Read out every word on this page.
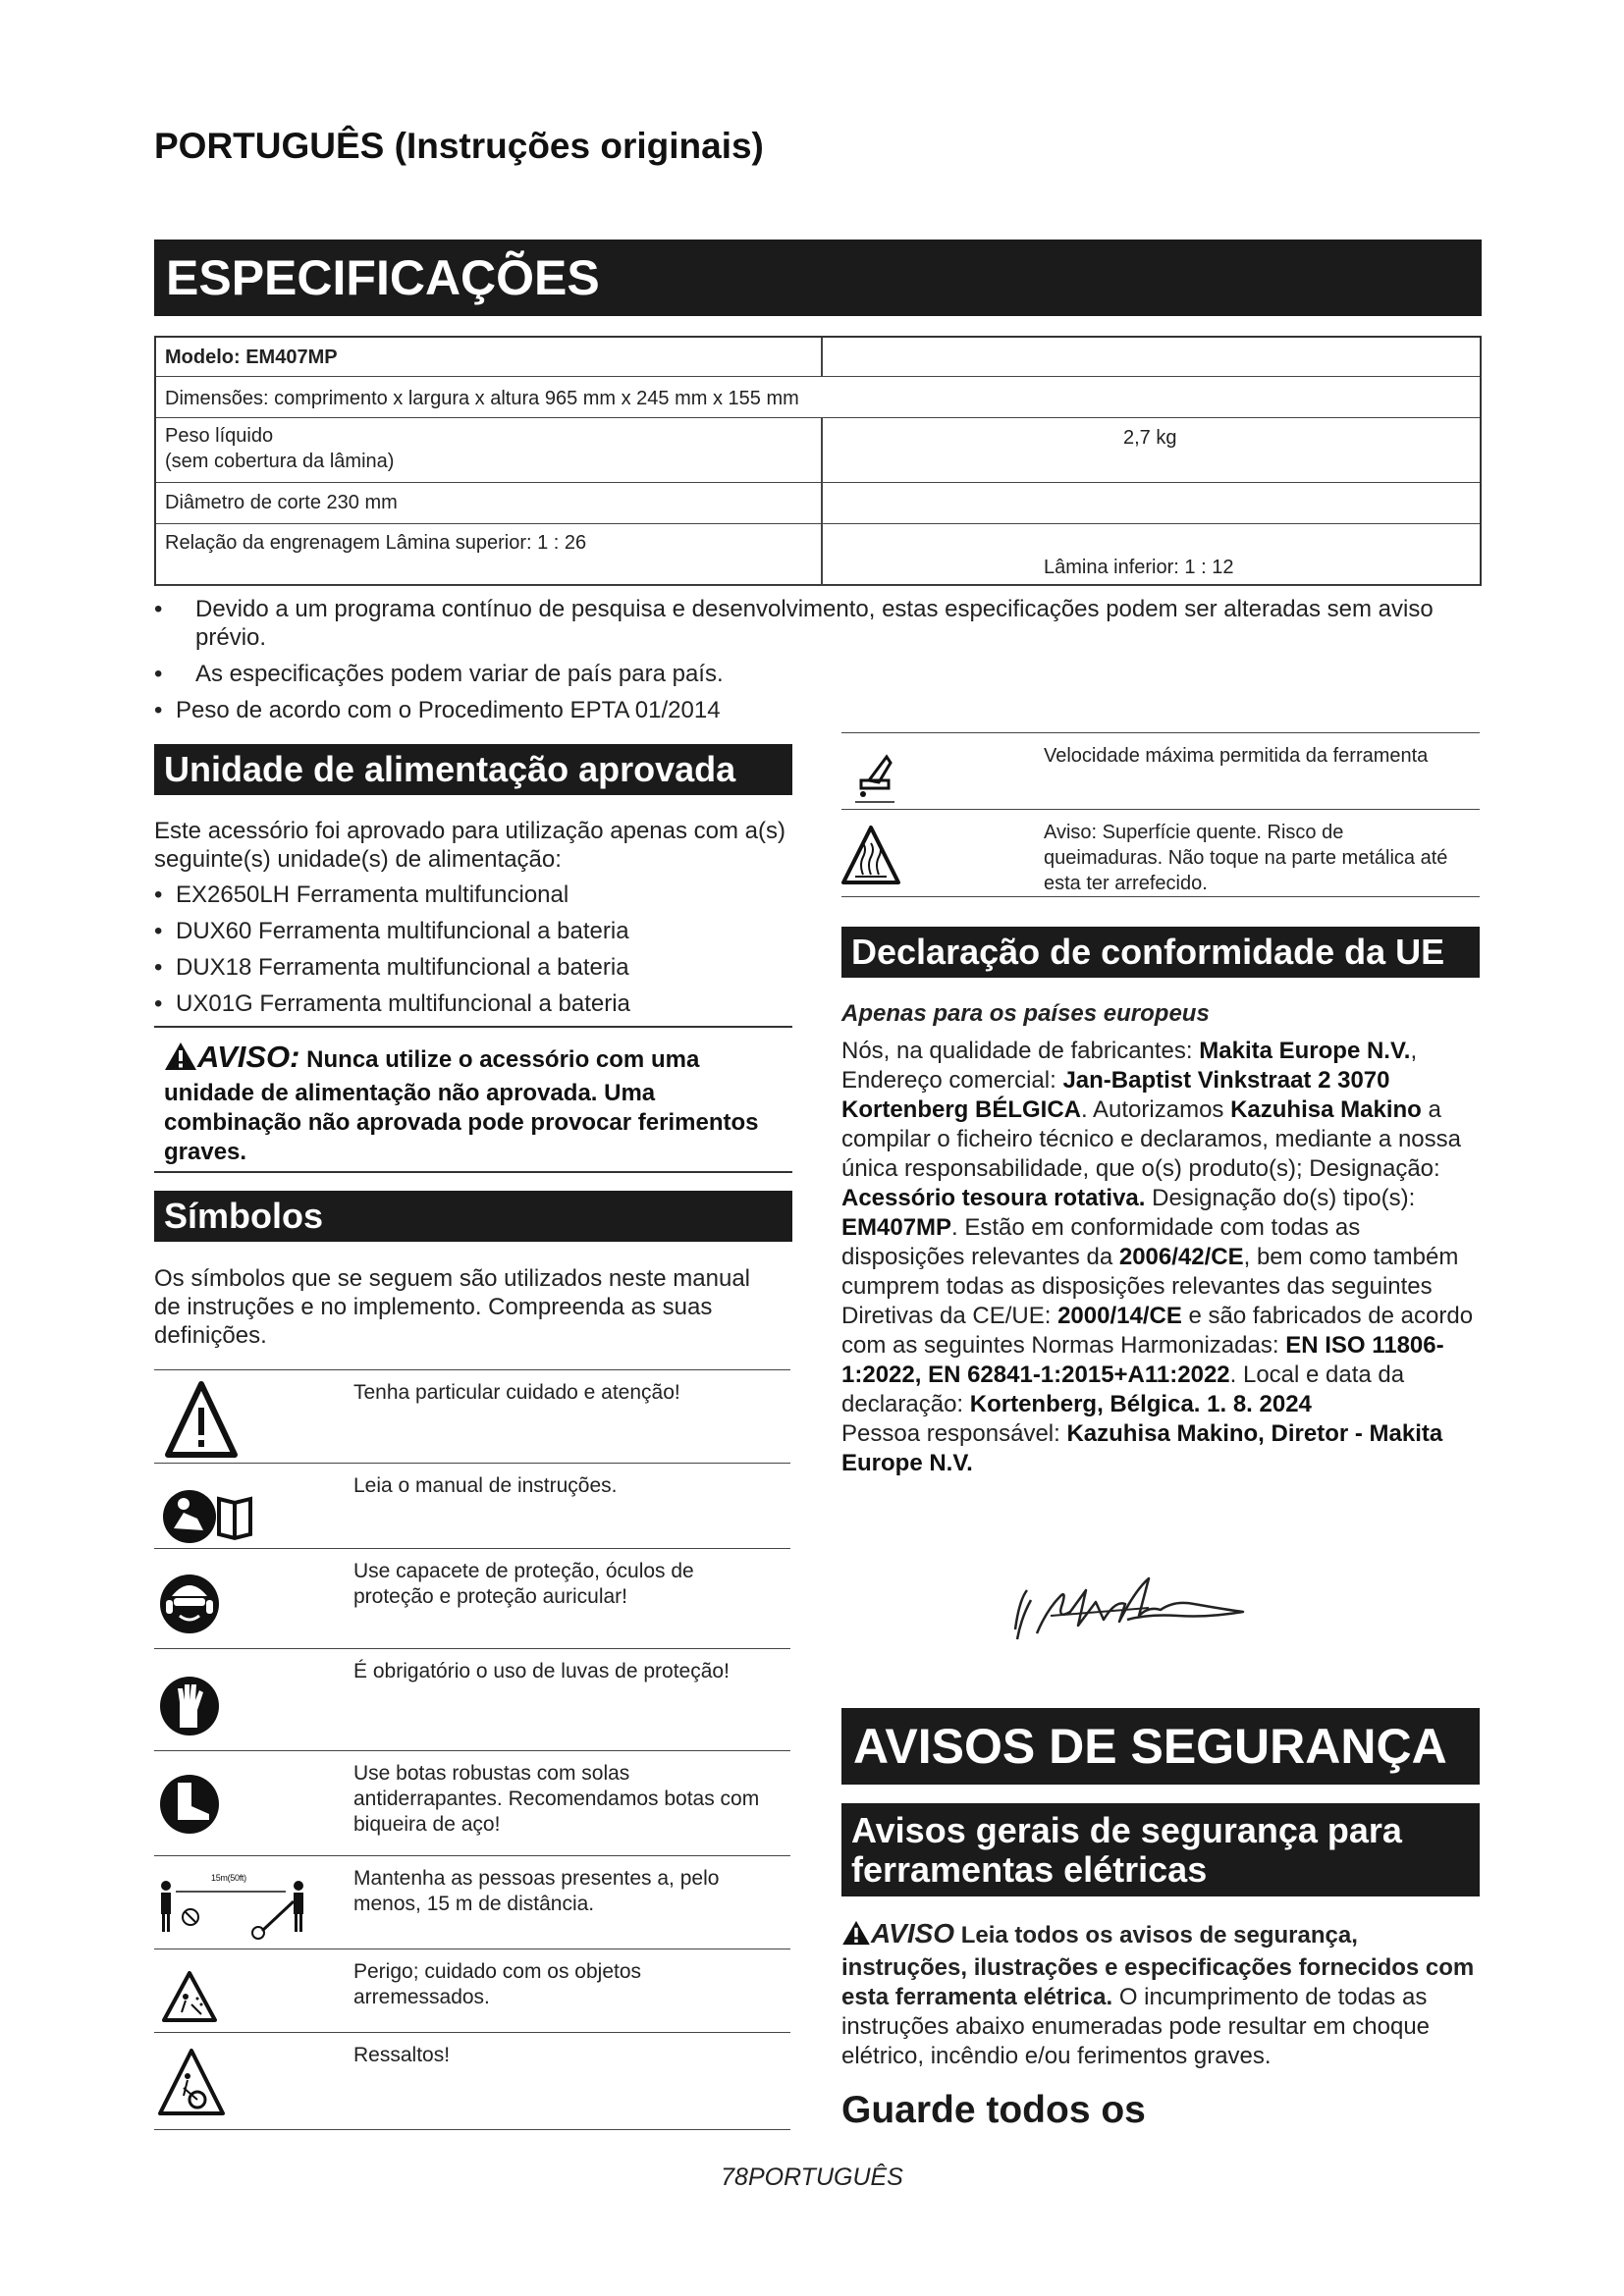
PORTUGUÊS (Instruções originais)
ESPECIFICAÇÕES
Modelo: EM407MP
Dimensões: comprimento x largura x altura 965 mm x 245 mm x 155 mm
Peso líquido
(sem cobertura da lâmina)
2,7 kg
Diâmetro de corte 230 mm
Relação da engrenagem Lâmina superior: 1 : 26
Lâmina inferior: 1 : 12
• Devido a um programa contínuo de pesquisa e desenvolvimento, estas especificações podem ser alteradas sem aviso prévio.
• As especificações podem variar de país para país.
• Peso de acordo com o Procedimento EPTA 01/2014
Unidade de alimentação aprovada
Este acessório foi aprovado para utilização apenas com a(s) seguinte(s) unidade(s) de alimentação:
• EX2650LH Ferramenta multifuncional
• DUX60 Ferramenta multifuncional a bateria
• DUX18 Ferramenta multifuncional a bateria
• UX01G Ferramenta multifuncional a bateria
AVISO: Nunca utilize o acessório com uma unidade de alimentação não aprovada. Uma combinação não aprovada pode provocar ferimentos graves.
Símbolos
Os símbolos que se seguem são utilizados neste manual de instruções e no implemento. Compreenda as suas definições.
Tenha particular cuidado e atenção!
Leia o manual de instruções.
Use capacete de proteção, óculos de proteção e proteção auricular!
É obrigatório o uso de luvas de proteção!
Use botas robustas com solas antiderrapantes. Recomendamos botas com biqueira de aço!
15m(50ft)	Mantenha as pessoas presentes a, pelo menos, 15 m de distância.
Perigo; cuidado com os objetos arremessados.
Ressaltos!
Velocidade máxima permitida da ferramenta
Aviso: Superfície quente. Risco de queimaduras. Não toque na parte metálica até esta ter arrefecido.
Declaração de conformidade da UE
Apenas para os países europeus
Nós, na qualidade de fabricantes: Makita Europe N.V., Endereço comercial: Jan-Baptist Vinkstraat 2 3070 Kortenberg BÉLGICA. Autorizamos Kazuhisa Makino a compilar o ficheiro técnico e declaramos, mediante a nossa única responsabilidade, que o(s) produto(s); Designação: Acessório tesoura rotativa. Designação do(s) tipo(s): EM407MP. Estão em conformidade com todas as disposições relevantes da 2006/42/CE, bem como também cumprem todas as disposições relevantes das seguintes Diretivas da CE/UE: 2000/14/CE e são fabricados de acordo com as seguintes Normas Harmonizadas: EN ISO 11806-1:2022, EN 62841-1:2015+A11:2022. Local e data da declaração: Kortenberg, Bélgica. 1. 8. 2024
Pessoa responsável: Kazuhisa Makino, Diretor - Makita Europe N.V.
AVISOS DE SEGURANÇA
Avisos gerais de segurança para ferramentas elétricas
AVISO Leia todos os avisos de segurança, instruções, ilustrações e especificações fornecidos com esta ferramenta elétrica. O incumprimento de todas as instruções abaixo enumeradas pode resultar em choque elétrico, incêndio e/ou ferimentos graves.
Guarde todos os
78PORTUGUÊS
